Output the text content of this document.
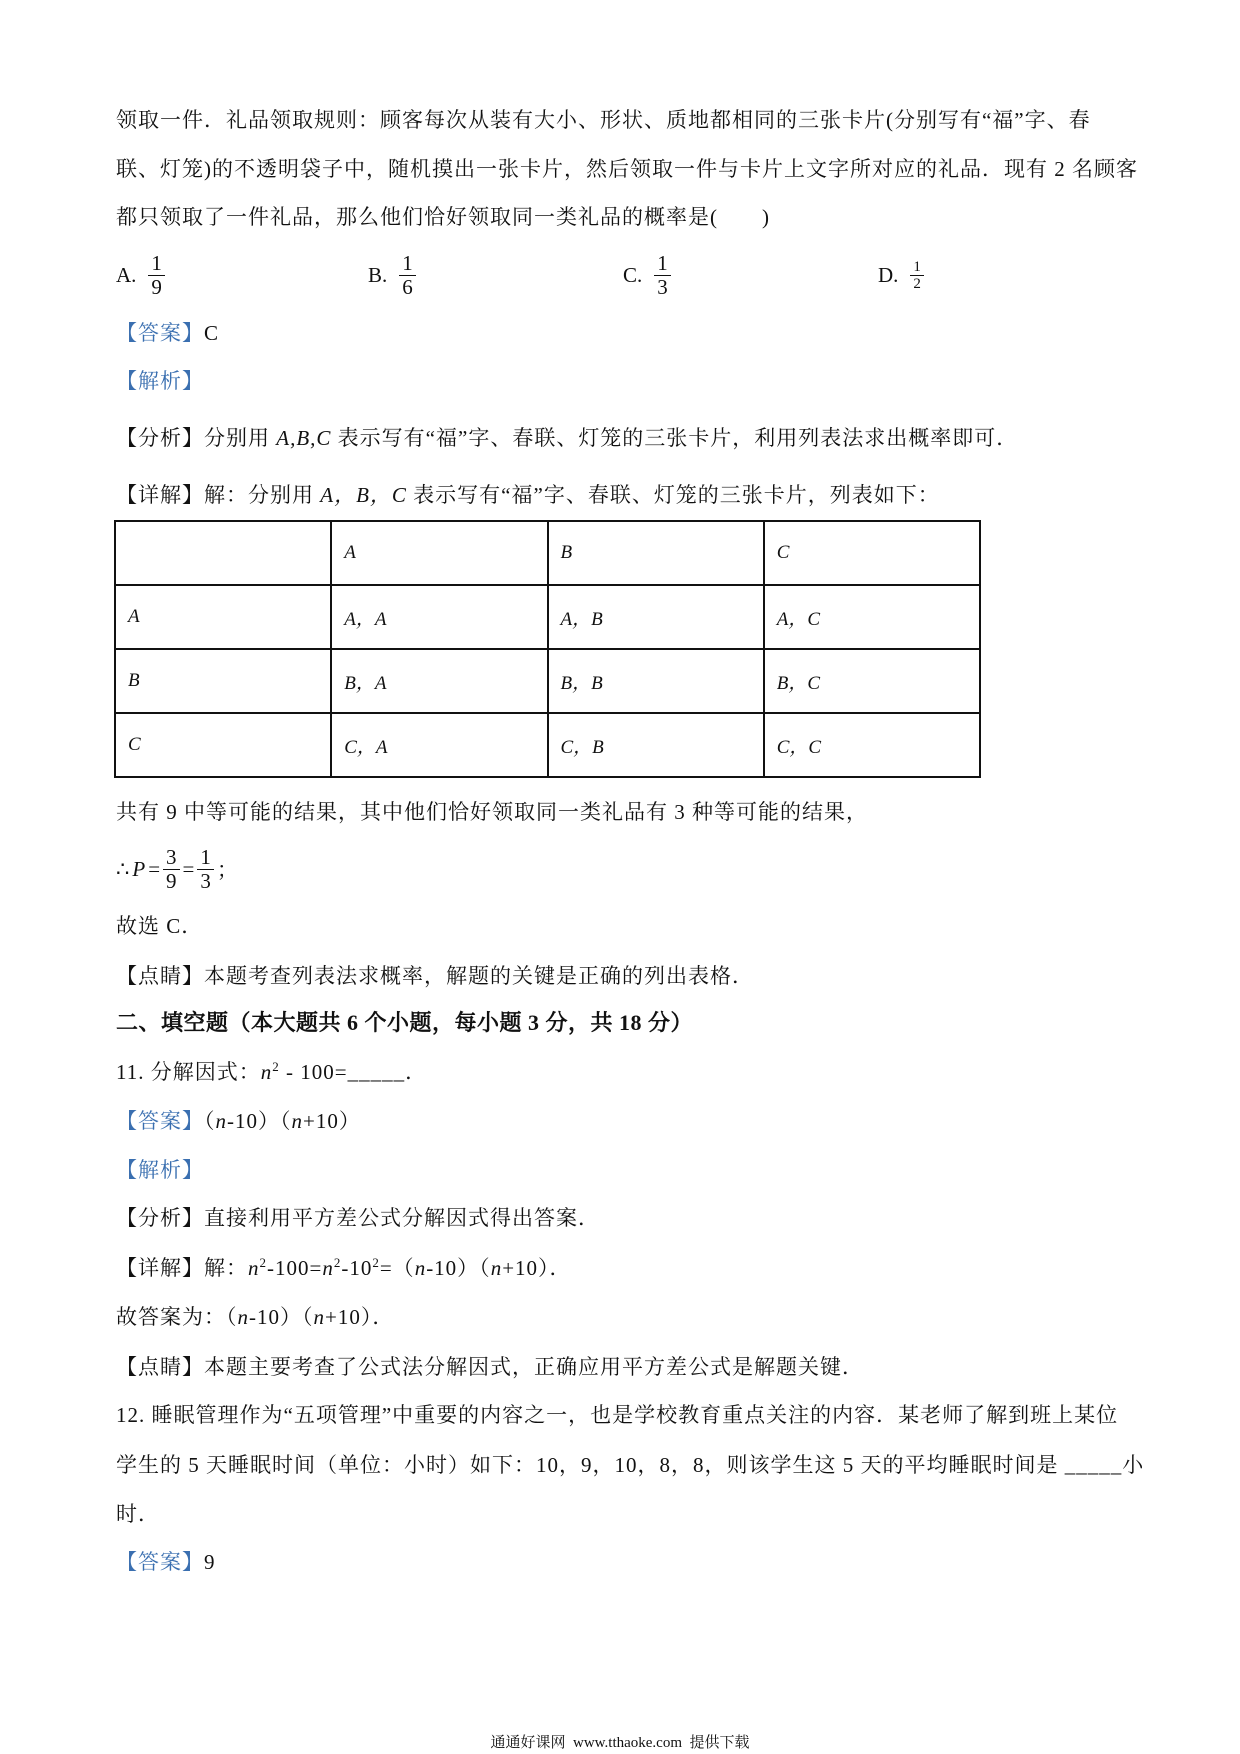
领取一件．礼品领取规则：顾客每次从装有大小、形状、质地都相同的三张卡片(分别写有“福”字、春
联、灯笼)的不透明袋子中，随机摸出一张卡片，然后领取一件与卡片上文字所对应的礼品．现有 2 名顾客
都只领取了一件礼品，那么他们恰好领取同一类礼品的概率是(　　)
A. $\frac{1}{9}$	B. $\frac{1}{6}$	C. $\frac{1}{3}$	D. $\frac{1}{2}$
【答案】C
【解析】
【分析】分别用 A,B,C 表示写有“福”字、春联、灯笼的三张卡片，利用列表法求出概率即可．
【详解】解：分别用 A，B，C 表示写有“福”字、春联、灯笼的三张卡片，列表如下：
	A	B	C
A	A，A	A，B	A，C
B	B，A	B，B	B，C
C	C，A	C，B	C，C
共有 9 中等可能的结果，其中他们恰好领取同一类礼品有 3 种等可能的结果，
∴ $P = \frac{3}{9} = \frac{1}{3}$ ；
故选 C．
【点睛】本题考查列表法求概率，解题的关键是正确的列出表格．
二、填空题（本大题共 6 个小题，每小题 3 分，共 18 分）
11. 分解因式：$n^2$ - 100=_____．
【答案】（n-10）（n+10）
【解析】
【分析】直接利用平方差公式分解因式得出答案．
【详解】解：$n^2-100=n^2-10^2=(n-10)(n+10)$．
故答案为：（n-10）（n+10）．
【点睛】本题主要考查了公式法分解因式，正确应用平方差公式是解题关键．
12. 睡眠管理作为“五项管理”中重要的内容之一，也是学校教育重点关注的内容．某老师了解到班上某位
学生的 5 天睡眠时间（单位：小时）如下：10，9，10，8，8，则该学生这 5 天的平均睡眠时间是 _____小
时．
【答案】9
通通好课网  www.tthaoke.com  提供下载
